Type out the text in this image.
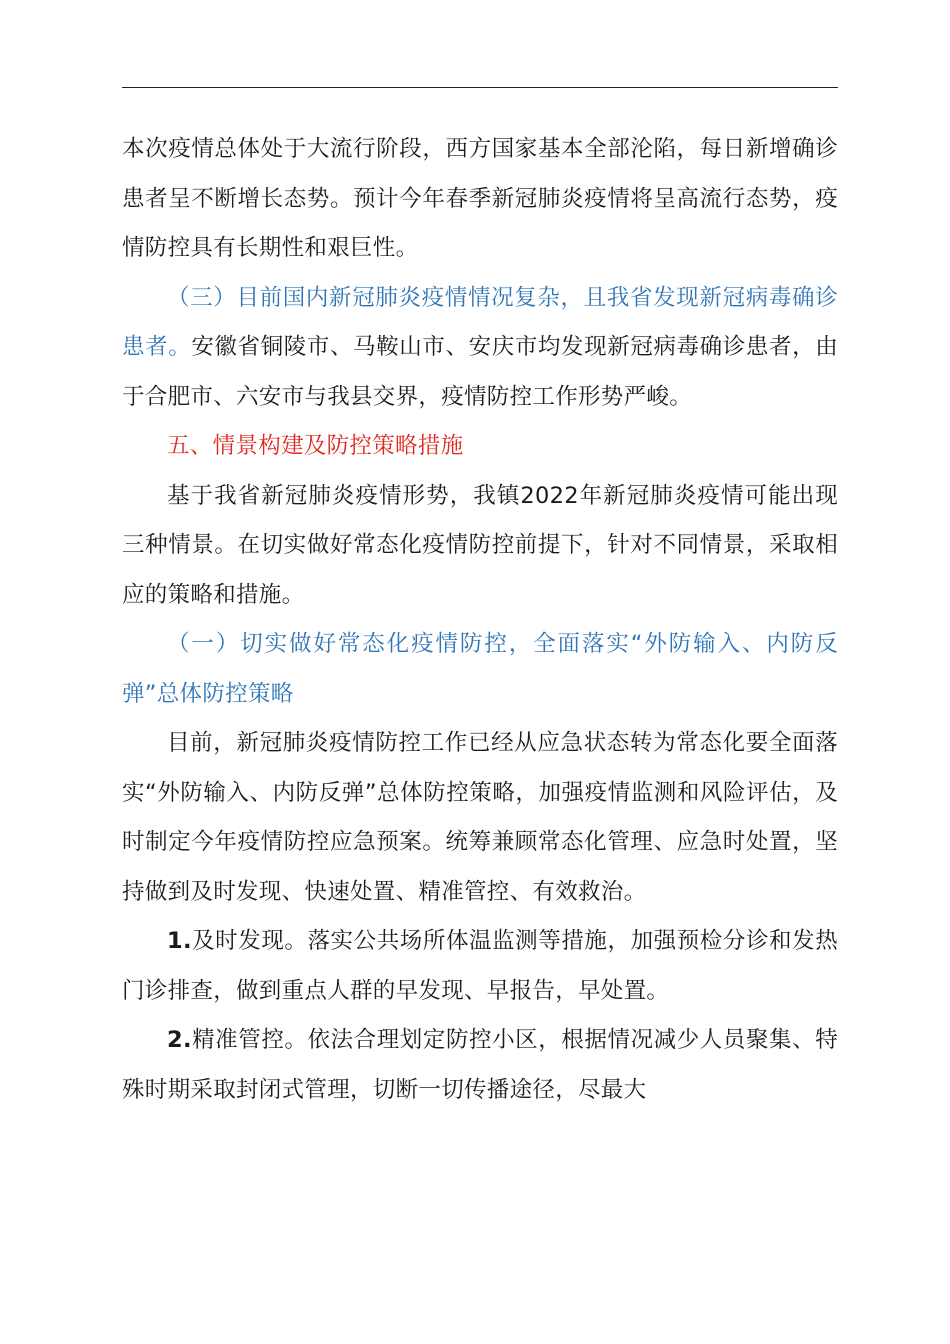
本次疫情总体处于大流行阶段，西方国家基本全部沦陷，每日新增确诊患者呈不断增长态势。预计今年春季新冠肺炎疫情将呈高流行态势，疫情防控具有长期性和艰巨性。

（三）目前国内新冠肺炎疫情情况复杂，且我省发现新冠病毒确诊患者。安徽省铜陵市、马鞍山市、安庆市均发现新冠病毒确诊患者，由于合肥市、六安市与我县交界，疫情防控工作形势严峻。

五、情景构建及防控策略措施

基于我省新冠肺炎疫情形势，我镇2022年新冠肺炎疫情可能出现三种情景。在切实做好常态化疫情防控前提下，针对不同情景，采取相应的策略和措施。

（一）切实做好常态化疫情防控，全面落实“外防输入、内防反弹”总体防控策略

目前，新冠肺炎疫情防控工作已经从应急状态转为常态化要全面落实“外防输入、内防反弹”总体防控策略，加强疫情监测和风险评估，及时制定今年疫情防控应急预案。统筹兼顾常态化管理、应急时处置，坚持做到及时发现、快速处置、精准管控、有效救治。

1.及时发现。落实公共场所体温监测等措施，加强预检分诊和发热门诊排查，做到重点人群的早发现、早报告，早处置。

2.精准管控。依法合理划定防控小区，根据情况减少人员聚集、特殊时期采取封闭式管理，切断一切传播途径，尽最大
